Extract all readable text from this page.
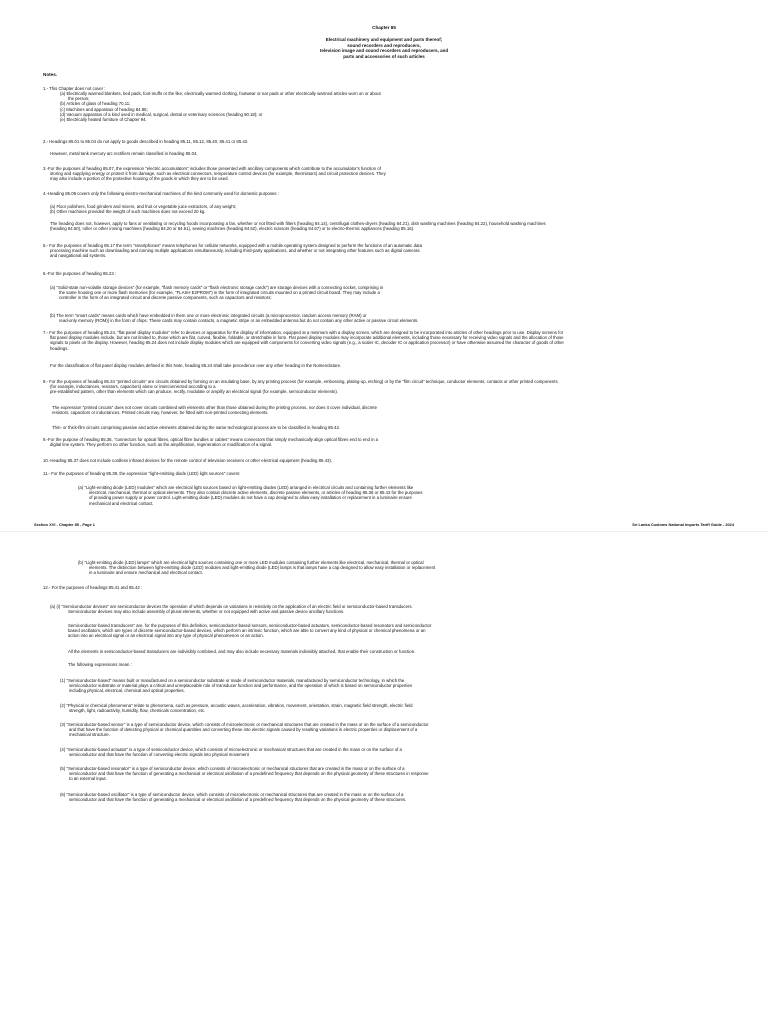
Chapter 85
Electrical machinery and equipment and parts thereof;
sound recorders and reproducers,
television image and sound recorders and reproducers, and
parts and accessories of such articles
Notes.

1.- This Chapter does not cover :

(a) Electrically warmed blankets, bed pads, foot-muffs or the like; electrically warmed clothing, footwear or ear pads or other electrically warmed articles worn on or about

the person;

(b) Articles of glass of heading 70.11;

(c) Machines and apparatus of heading 84.86;

(d) Vacuum apparatus of a kind used in medical, surgical, dental or veterinary sciences (heading 90.18); or

(e) Electrically heated furniture of Chapter 94.

2.- Headings 85.01 to 85.04 do not apply to goods described in heading 85.11, 85.12, 85.40, 85.41 or 85.42.
However, metal tank mercury arc rectifiers remain classified in heading 85.04.

3.-For the purposes of heading 85.07, the expression "electric accumulators" includes those presented with ancillary components which contribute to the accumulator's function of

storing and supplying energy or protect it from damage, such as electrical connectors, temperature control devices (for example, thermistors) and circuit protection devices. They

may also include a portion of the protective housing of the goods in which they are to be used.

4.-Heading 85.09 covers only the following electro-mechanical machines of the kind commonly used for domestic purposes :

(a) Floor polishers, food grinders and mixers, and fruit or vegetable juice extractors, of any weight;

(b) Other machines provided the weight of such machines does not exceed 20 kg.

The heading does not, however, apply to fans or ventilating or recycling hoods incorporating a fan, whether or not fitted with filters (heading 84.14), centrifugal clothes-dryers (heading 84.21), dish washing machines (heading 84.22), household washing machines

(heading 84.50), roller or other ironing machines (heading 84.20 or 84.51), sewing machines (heading 84.52), electric scissors (heading 84.67) or to electro-thermic appliances (heading 85.16).

5.- For the purposes of heading 85.17 the term "smartphones" means telephones for cellular networks, equipped with a mobile operating system designed to perform the functions of an automatic data

processing machine such as downloading and running multiple applications simultaneously, including third-party applications, and whether or not integrating other features such as digital cameras

and navigational aid systems.

6.-For the purposes of heading 85.23 :

(a) "Solid-state non-volatile storage devices" (for example, "flash memory cards" or "flash electronic storage cards") are storage devices with a connecting socket, comprising in

the same housing one or more flash memories (for example, "FLASH E2PROM") in the form of integrated circuits mounted on a printed circuit board. They may include a

controller in the form of an integrated circuit and discrete passive components, such as capacitors and resistors;

(b) The term "smart cards" means cards which have embedded in them one or more electronic integrated circuits (a microprocessor, random access memory (RAM) or

read-only memory (ROM)) in the form of chips. These cards may contain contacts, a magnetic stripe or an embedded antenna but do not contain any other active or passive circuit elements.

7.- For the purposes of heading 85.24, "flat panel display modules" refer to devices or apparatus for the display of information, equipped at a minimum with a display screen, which are designed to be incorporated into articles of other headings prior to use. Display screens for

flat panel display modules include, but are not limited to, those which are flat, curved, flexible, foldable, or stretchable in form. Flat panel display modules may incorporate additional elements, including those necessary for receiving video signals and the allocation of those

signals to pixels on the display. However, heading 85.24 does not include display modules which are equipped with components for converting video signals (e.g., a scaler IC, decoder IC or application processor) or have otherwise assumed the character of goods of other

headings.

For the classification of flat panel display modules defined in this Note, heading 85.24 shall take precedence over any other heading in the Nomenclature.

8.- For the purposes of heading 85.34 "printed circuits" are circuits obtained by forming on an insulating base, by any printing process (for example, embossing, plating-up, etching) or by the "film circuit" technique, conductor elements, contacts or other printed components

(for example, inductances, resistors, capacitors) alone or interconnected according to a

pre-established pattern, other than elements which can produce, rectify, modulate or amplify an electrical signal (for example, semiconductor elements).

The expression "printed circuits" does not cover circuits combined with elements other than those obtained during the printing process, nor does it cover individual, discrete

resistors, capacitors or inductances. Printed circuits may, however, be fitted with non-printed connecting elements.

Thin- or thick-film circuits comprising passive and active elements obtained during the same technological process are to be classified in heading 85.42.

9.-For the purpose of heading 85.36, "connectors for optical fibres, optical fibre bundles or cables" means connectors that simply mechanically align optical fibres end to end in a

digital line system. They perform no other function, such as the amplification, regeneration or modification of a signal.

10.-Heading 85.37 does not include cordless infrared devices for the remote control of television receivers or other electrical equipment (heading 85.43).
11.- For the purposes of heading 85.39, the expression "light-emitting diode (LED) light sources" covers:

(a) "Light-emitting diode (LED) modules" which are electrical light sources based on light-emitting diodes (LED) arranged in electrical circuits and containing further elements like

electrical, mechanical, thermal or optical elements. They also contain discrete active elements, discrete passive elements, or articles of heading 85.36 or 85.42 for the purposes

of providing power supply or power control. Light-emitting diode (LED) modules do not have a cap designed to allow easy installation or replacement in a luminaire ensure

mechanical and electrical contact.

Section XVI - Chapter 85 - Page 1	Sri Lanka Customs National Imports Tariff Guide - 2024

(b) "Light-emitting diode (LED) lamps" which are electrical light sources containing one or more LED modules containing further elements like electrical, mechanical, thermal or optical

elements. The distinction between light-emitting diode (LED) modules and light-emitting diode (LED) lamps is that lamps have a cap designed to allow easy installation or replacement

in a luminaire and ensure mechanical and electrical contact.

12.- For the purposes of headings 85.41 and 85.42 :

(a) (i) "Semiconductor devices" are semiconductor devices the operation of which depends on variations in resistivity on the application of an electric field or semiconductor-based transducers.

Semiconductor devices may also include assembly of plural elements, whether or not equipped with active and passive device ancillary functions.

Semiconductor-based transducers" are, for the purposes of this definition, semiconductor-based sensors, semiconductor-based actuators, semiconductor-based resonators and semiconductor

based oscillators, which are types of discrete semiconductor-based devices, which perform an intrinsic function, which are able to convert any kind of physical or chemical phenomena or an

action into an electrical signal or an electrical signal into any type of physical phenomenon or an action.

All the elements in semiconductor-based transducers are indivisibly combined, and may also include necessary materials indivisibly attached, that enable their construction or function.
The following expressions mean :

(1) "Semiconductor-based" means built or manufactured on a semiconductor substrate or made of semiconductor materials, manufactured by semiconductor technology, in which the

semiconductor substrate or material plays a critical and unreplaceable role of transducer function and performance, and the operation of which is based on semiconductor properties

including physical, electrical, chemical and optical properties.

(2) "Physical or chemical phenomena" relate to phenomena, such as pressure, acoustic waves, acceleration, vibration, movement, orientation, strain, magnetic field strength, electric field

strength, light, radioactivity, humidity, flow, chemicals concentration, etc.

(3) "Semiconductor-based sensor" is a type of semiconductor device, which consists of microelectronic or mechanical structures that are created in the mass or on the surface of a semiconductor

and that have the function of detecting physical or chemical quantities and converting these into electric signals caused by resulting variations in electric properties or displacement of a

mechanical structure.

(4) "Semiconductor-based actuator" is a type of semiconductor device, which consists of microelectronic or mechanical structures that are created in the mass or on the surface of a

semiconductor and that have the function of converting electric signals into physical movement

(5) "Semiconductor-based resonator" is a type of semiconductor device, which consists of microelectronic or mechanical structures that are created in the mass or on the surface of a

semiconductor and that have the function of generating a mechanical or electrical oscillation of a predefined frequency that depends on the physical geometry of these structures in response

to an external input.

(6) "Semiconductor-based oscillator" is a type of semiconductor device, which consists of microelectronic or mechanical structures that are created in the mass or on the surface of a

semiconductor and that have the function of generating a mechanical or electrical oscillation of a predefined frequency that depends on the physical geometry of these structures.
